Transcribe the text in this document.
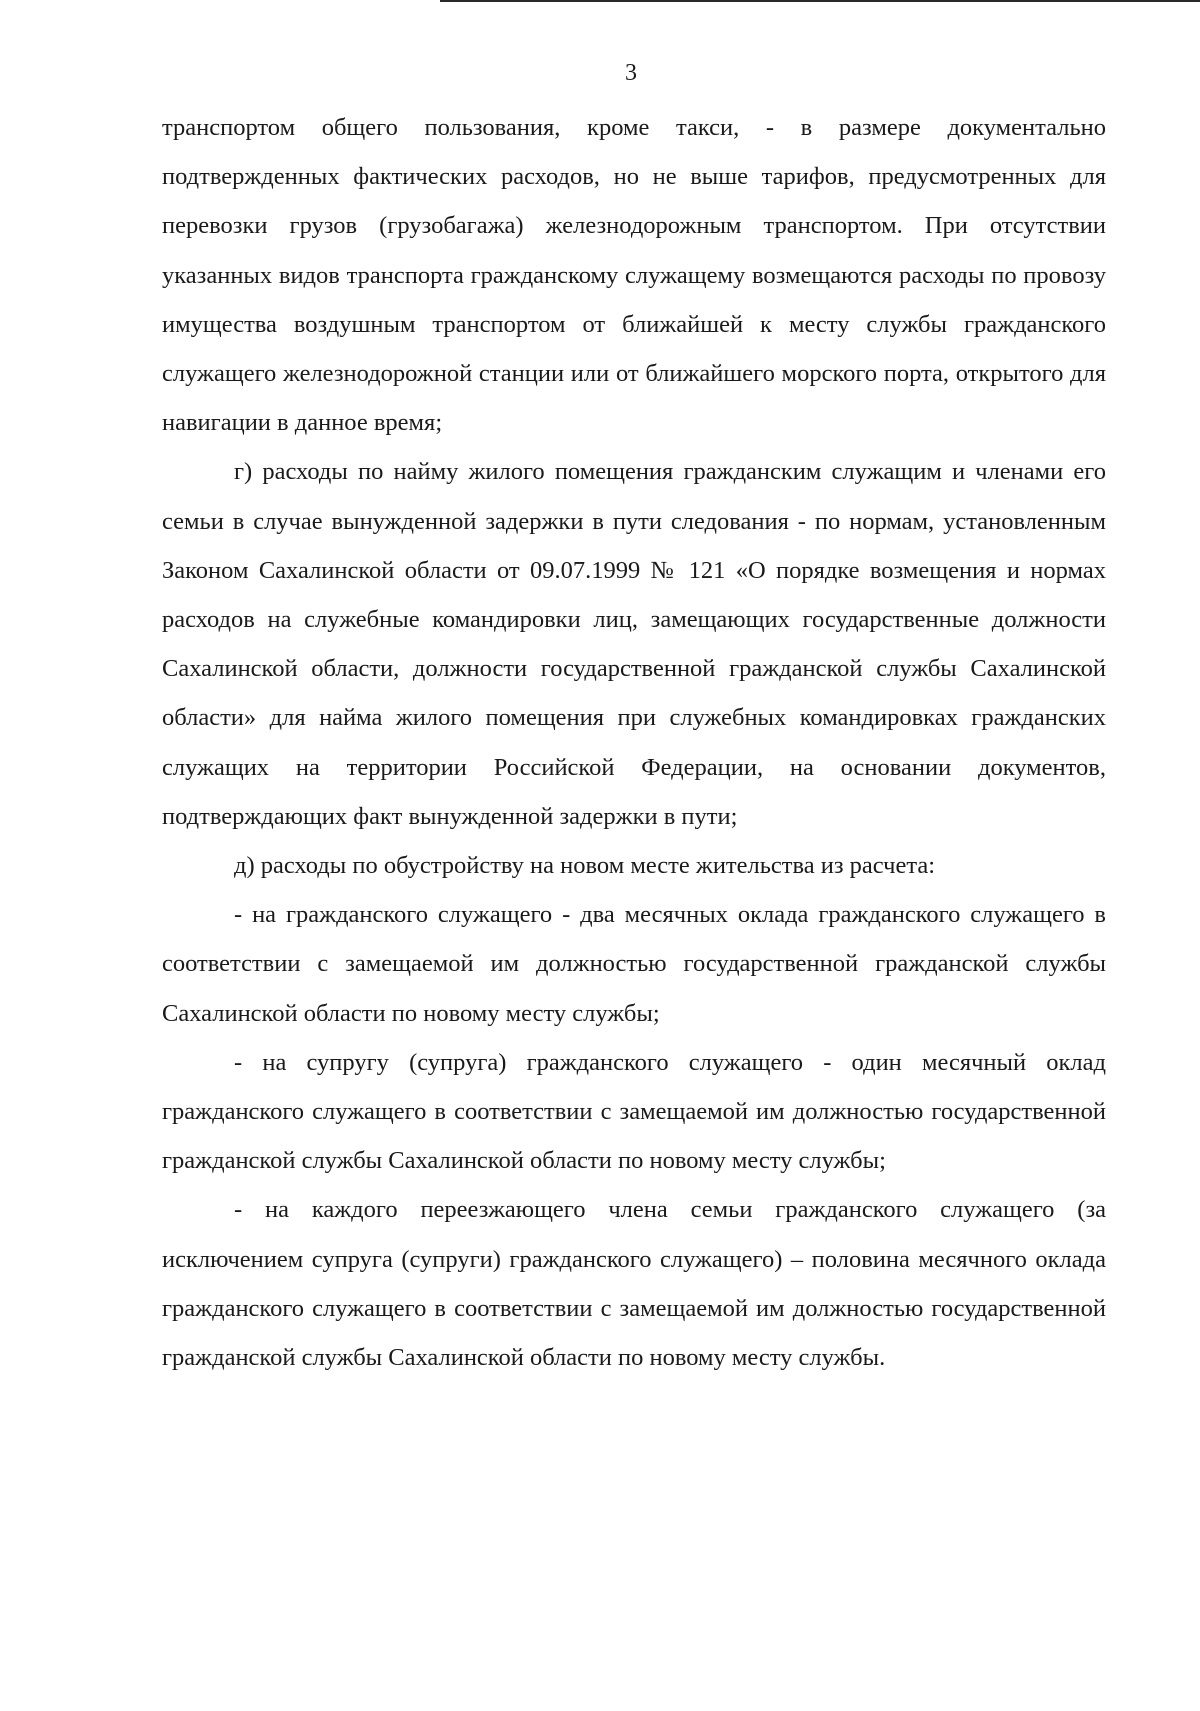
3

транспортом общего пользования, кроме такси, - в размере документально подтвержденных фактических расходов, но не выше тарифов, предусмотренных для перевозки грузов (грузобагажа) железнодорожным транспортом. При отсутствии указанных видов транспорта гражданскому служащему возмещаются расходы по провозу имущества воздушным транспортом от ближайшей к месту службы гражданского служащего железнодорожной станции или от ближайшего морского порта, открытого для навигации в данное время;

г) расходы по найму жилого помещения гражданским служащим и членами его семьи в случае вынужденной задержки в пути следования - по нормам, установленным Законом Сахалинской области от 09.07.1999 № 121 «О порядке возмещения и нормах расходов на служебные командировки лиц, замещающих государственные должности Сахалинской области, должности государственной гражданской службы Сахалинской области» для найма жилого помещения при служебных командировках гражданских служащих на территории Российской Федерации, на основании документов, подтверждающих факт вынужденной задержки в пути;

д) расходы по обустройству на новом месте жительства из расчета:

- на гражданского служащего - два месячных оклада гражданского служащего в соответствии с замещаемой им должностью государственной гражданской службы Сахалинской области по новому месту службы;

- на супругу (супруга) гражданского служащего - один месячный оклад гражданского служащего в соответствии с замещаемой им должностью государственной гражданской службы Сахалинской области по новому месту службы;

- на каждого переезжающего члена семьи гражданского служащего (за исключением супруга (супруги) гражданского служащего) – половина месячного оклада гражданского служащего в соответствии с замещаемой им должностью государственной гражданской службы Сахалинской области по новому месту службы.
